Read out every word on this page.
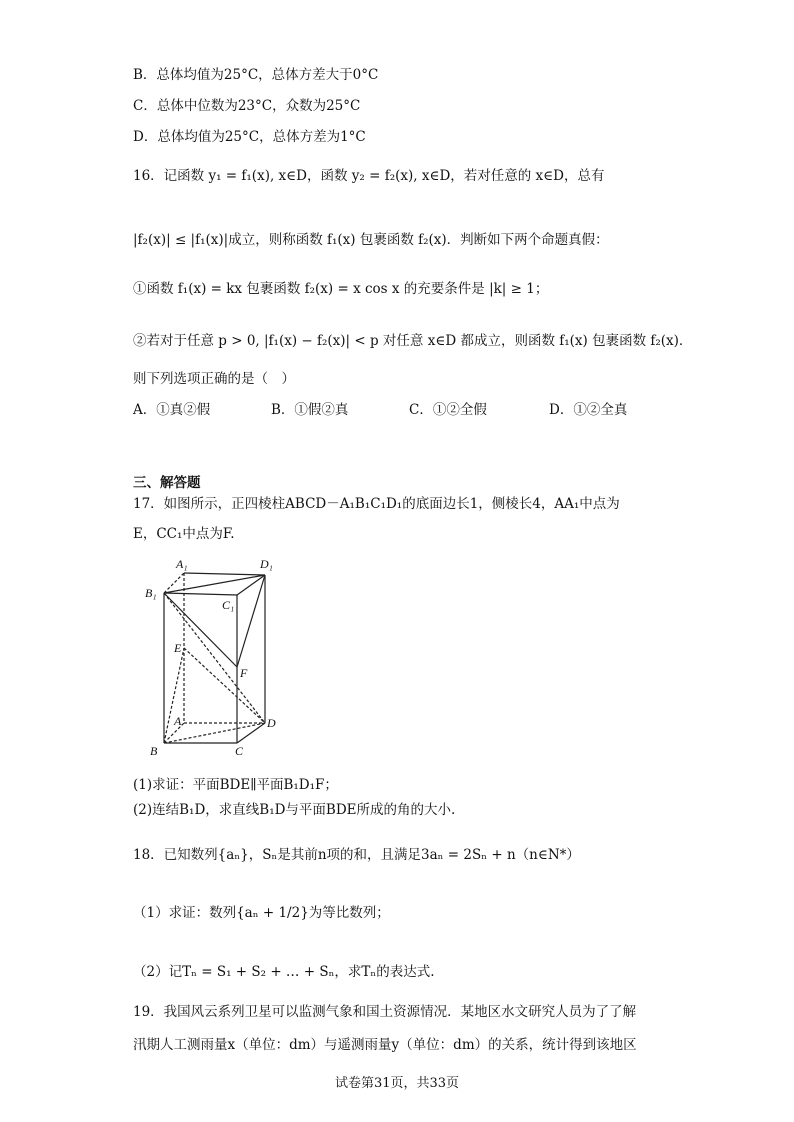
B．总体均值为25°C，总体方差大于0°C
C．总体中位数为23°C，众数为25°C
D．总体均值为25°C，总体方差为1°C
16．记函数 y₁ = f₁(x), x∈D，函数 y₂ = f₂(x), x∈D，若对任意的 x∈D，总有
|f₂(x)| ≤ |f₁(x)|成立，则称函数 f₁(x) 包裹函数 f₂(x)．判断如下两个命题真假：
①函数 f₁(x) = kx 包裹函数 f₂(x) = x cos x 的充要条件是 |k| ≥ 1；
②若对于任意 p > 0, |f₁(x) − f₂(x)| < p 对任意 x∈D 都成立，则函数 f₁(x) 包裹函数 f₂(x)．
则下列选项正确的是（　）
A．①真②假	B．①假②真	C．①②全假	D．①②全真
三、解答题
17．如图所示，正四棱柱ABCD－A₁B₁C₁D₁的底面边长1，侧棱长4，AA₁中点为
E，CC₁中点为F.
A₁	D₁
B₁
C₁
E
F
A	D
B	C
(1)求证：平面BDE∥平面B₁D₁F；
(2)连结B₁D，求直线B₁D与平面BDE所成的角的大小.
18．已知数列{aₙ}，Sₙ是其前n项的和，且满足3aₙ = 2Sₙ + n（n∈N*）
（1）求证：数列{aₙ + 1/2}为等比数列；
（2）记Tₙ = S₁ + S₂ + … + Sₙ，求Tₙ的表达式.
19．我国风云系列卫星可以监测气象和国土资源情况．某地区水文研究人员为了了解
汛期人工测雨量x（单位：dm）与遥测雨量y（单位：dm）的关系，统计得到该地区
试卷第31页，共33页
